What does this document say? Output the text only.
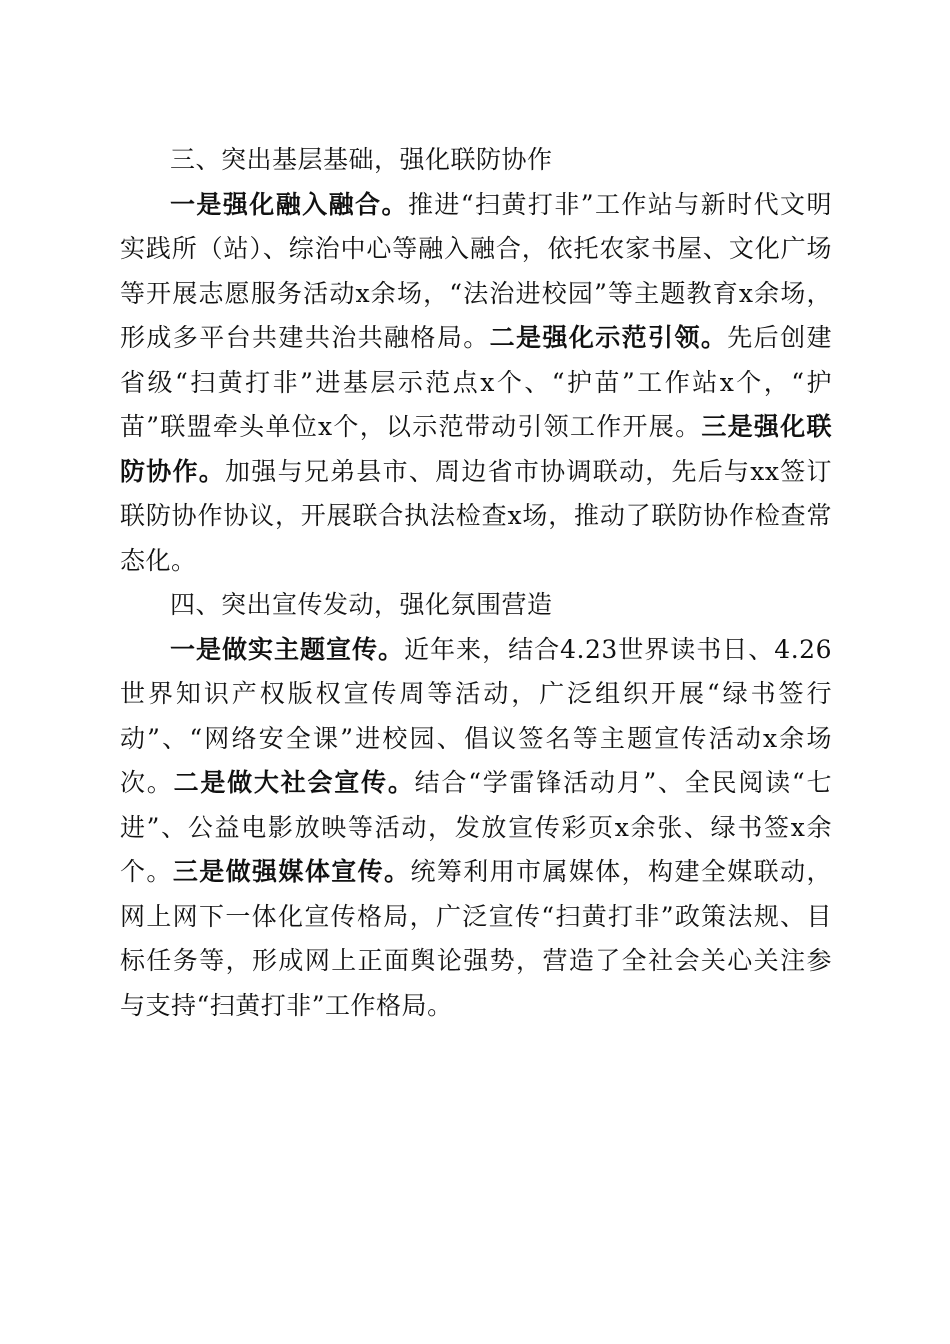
三、突出基层基础，强化联防协作

一是强化融入融合。推进“扫黄打非”工作站与新时代文明实践所（站）、综治中心等融入融合，依托农家书屋、文化广场等开展志愿服务活动x余场，“法治进校园”等主题教育x余场，形成多平台共建共治共融格局。二是强化示范引领。先后创建省级“扫黄打非”进基层示范点x个、“护苗”工作站x个，“护苗”联盟牵头单位x个，以示范带动引领工作开展。三是强化联防协作。加强与兄弟县市、周边省市协调联动，先后与xx签订联防协作协议，开展联合执法检查x场，推动了联防协作检查常态化。

四、突出宣传发动，强化氛围营造

一是做实主题宣传。近年来，结合4.23世界读书日、4.26世界知识产权版权宣传周等活动，广泛组织开展“绿书签行动”、“网络安全课”进校园、倡议签名等主题宣传活动x余场次。二是做大社会宣传。结合“学雷锋活动月”、全民阅读“七进”、公益电影放映等活动，发放宣传彩页x余张、绿书签x余个。三是做强媒体宣传。统筹利用市属媒体，构建全媒联动，网上网下一体化宣传格局，广泛宣传“扫黄打非”政策法规、目标任务等，形成网上正面舆论强势，营造了全社会关心关注参与支持“扫黄打非”工作格局。
